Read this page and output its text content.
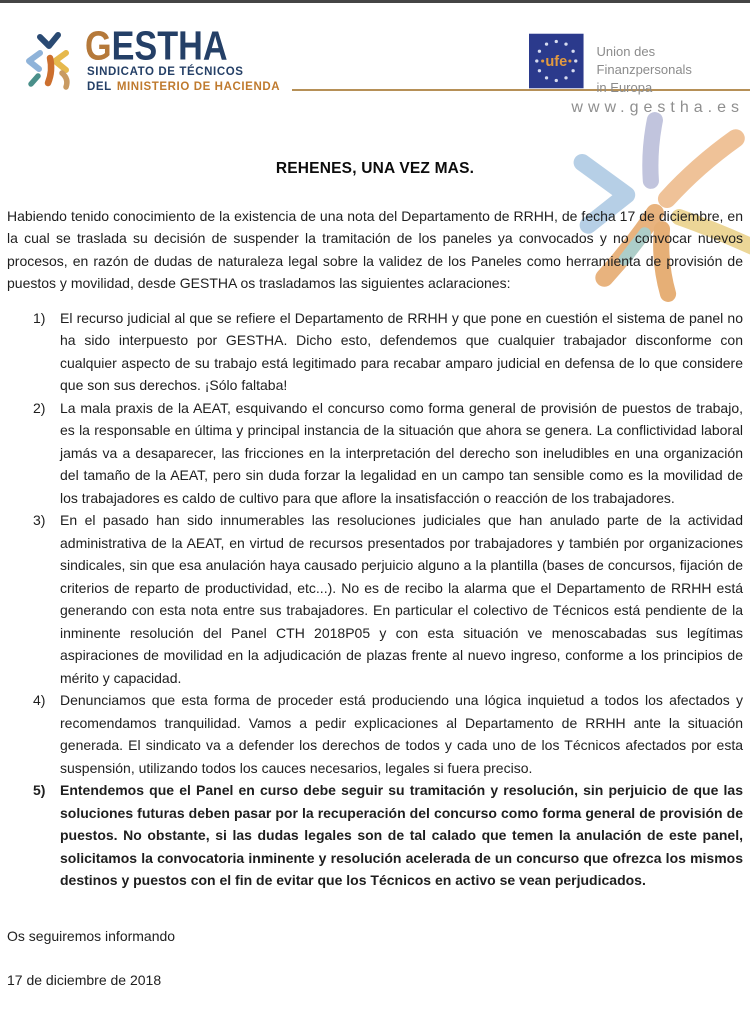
GESTHA
SINDICATO DE TÉCNICOS
DEL MINISTERIO DE HACIENDA
ufe
Union des Finanzpersonals
in Europa
www.gestha.es
REHENES, UNA VEZ MAS.

Habiendo tenido conocimiento de la existencia de una nota del Departamento de RRHH, de fecha 17 de diciembre, en la cual se traslada su decisión de suspender la tramitación de los paneles ya convocados y no convocar nuevos procesos, en razón de dudas de naturaleza legal sobre la validez de los Paneles como herramienta de provisión de puestos y movilidad, desde GESTHA os trasladamos las siguientes aclaraciones:

1)	El recurso judicial al que se refiere el Departamento de RRHH y que pone en cuestión el sistema de panel no ha sido interpuesto por GESTHA. Dicho esto, defendemos que cualquier trabajador disconforme con cualquier aspecto de su trabajo está legitimado para recabar amparo judicial en defensa de lo que considere que son sus derechos. ¡Sólo faltaba!
2)	La mala praxis de la AEAT, esquivando el concurso como forma general de provisión de puestos de trabajo, es la responsable en última y principal instancia de la situación que ahora se genera. La conflictividad laboral jamás va a desaparecer, las fricciones en la interpretación del derecho son ineludibles en una organización del tamaño de la AEAT, pero sin duda forzar la legalidad en un campo tan sensible como es la movilidad de los trabajadores es caldo de cultivo para que aflore la insatisfacción o reacción de los trabajadores.
3)	En el pasado han sido innumerables las resoluciones judiciales que han anulado parte de la actividad administrativa de la AEAT, en virtud de recursos presentados por trabajadores y también por organizaciones sindicales, sin que esa anulación haya causado perjuicio alguno a la plantilla (bases de concursos, fijación de criterios de reparto de productividad, etc...). No es de recibo la alarma que el Departamento de RRHH está generando con esta nota entre sus trabajadores. En particular el colectivo de Técnicos está pendiente de la inminente resolución del Panel CTH 2018P05 y con esta situación ve menoscabadas sus legítimas aspiraciones de movilidad en la adjudicación de plazas frente al nuevo ingreso, conforme a los principios de mérito y capacidad.
4)	Denunciamos que esta forma de proceder está produciendo una lógica inquietud a todos los afectados y recomendamos tranquilidad. Vamos a pedir explicaciones al Departamento de RRHH ante la situación generada. El sindicato va a defender los derechos de todos y cada uno de los Técnicos afectados por esta suspensión, utilizando todos los cauces necesarios, legales si fuera preciso.
5)	Entendemos que el Panel en curso debe seguir su tramitación y resolución, sin perjuicio de que las soluciones futuras deben pasar por la recuperación del concurso como forma general de provisión de puestos. No obstante, si las dudas legales son de tal calado que temen la anulación de este panel, solicitamos la convocatoria inminente y resolución acelerada de un concurso que ofrezca los mismos destinos y puestos con el fin de evitar que los Técnicos en activo se vean perjudicados.

Os seguiremos informando

17 de diciembre de 2018
